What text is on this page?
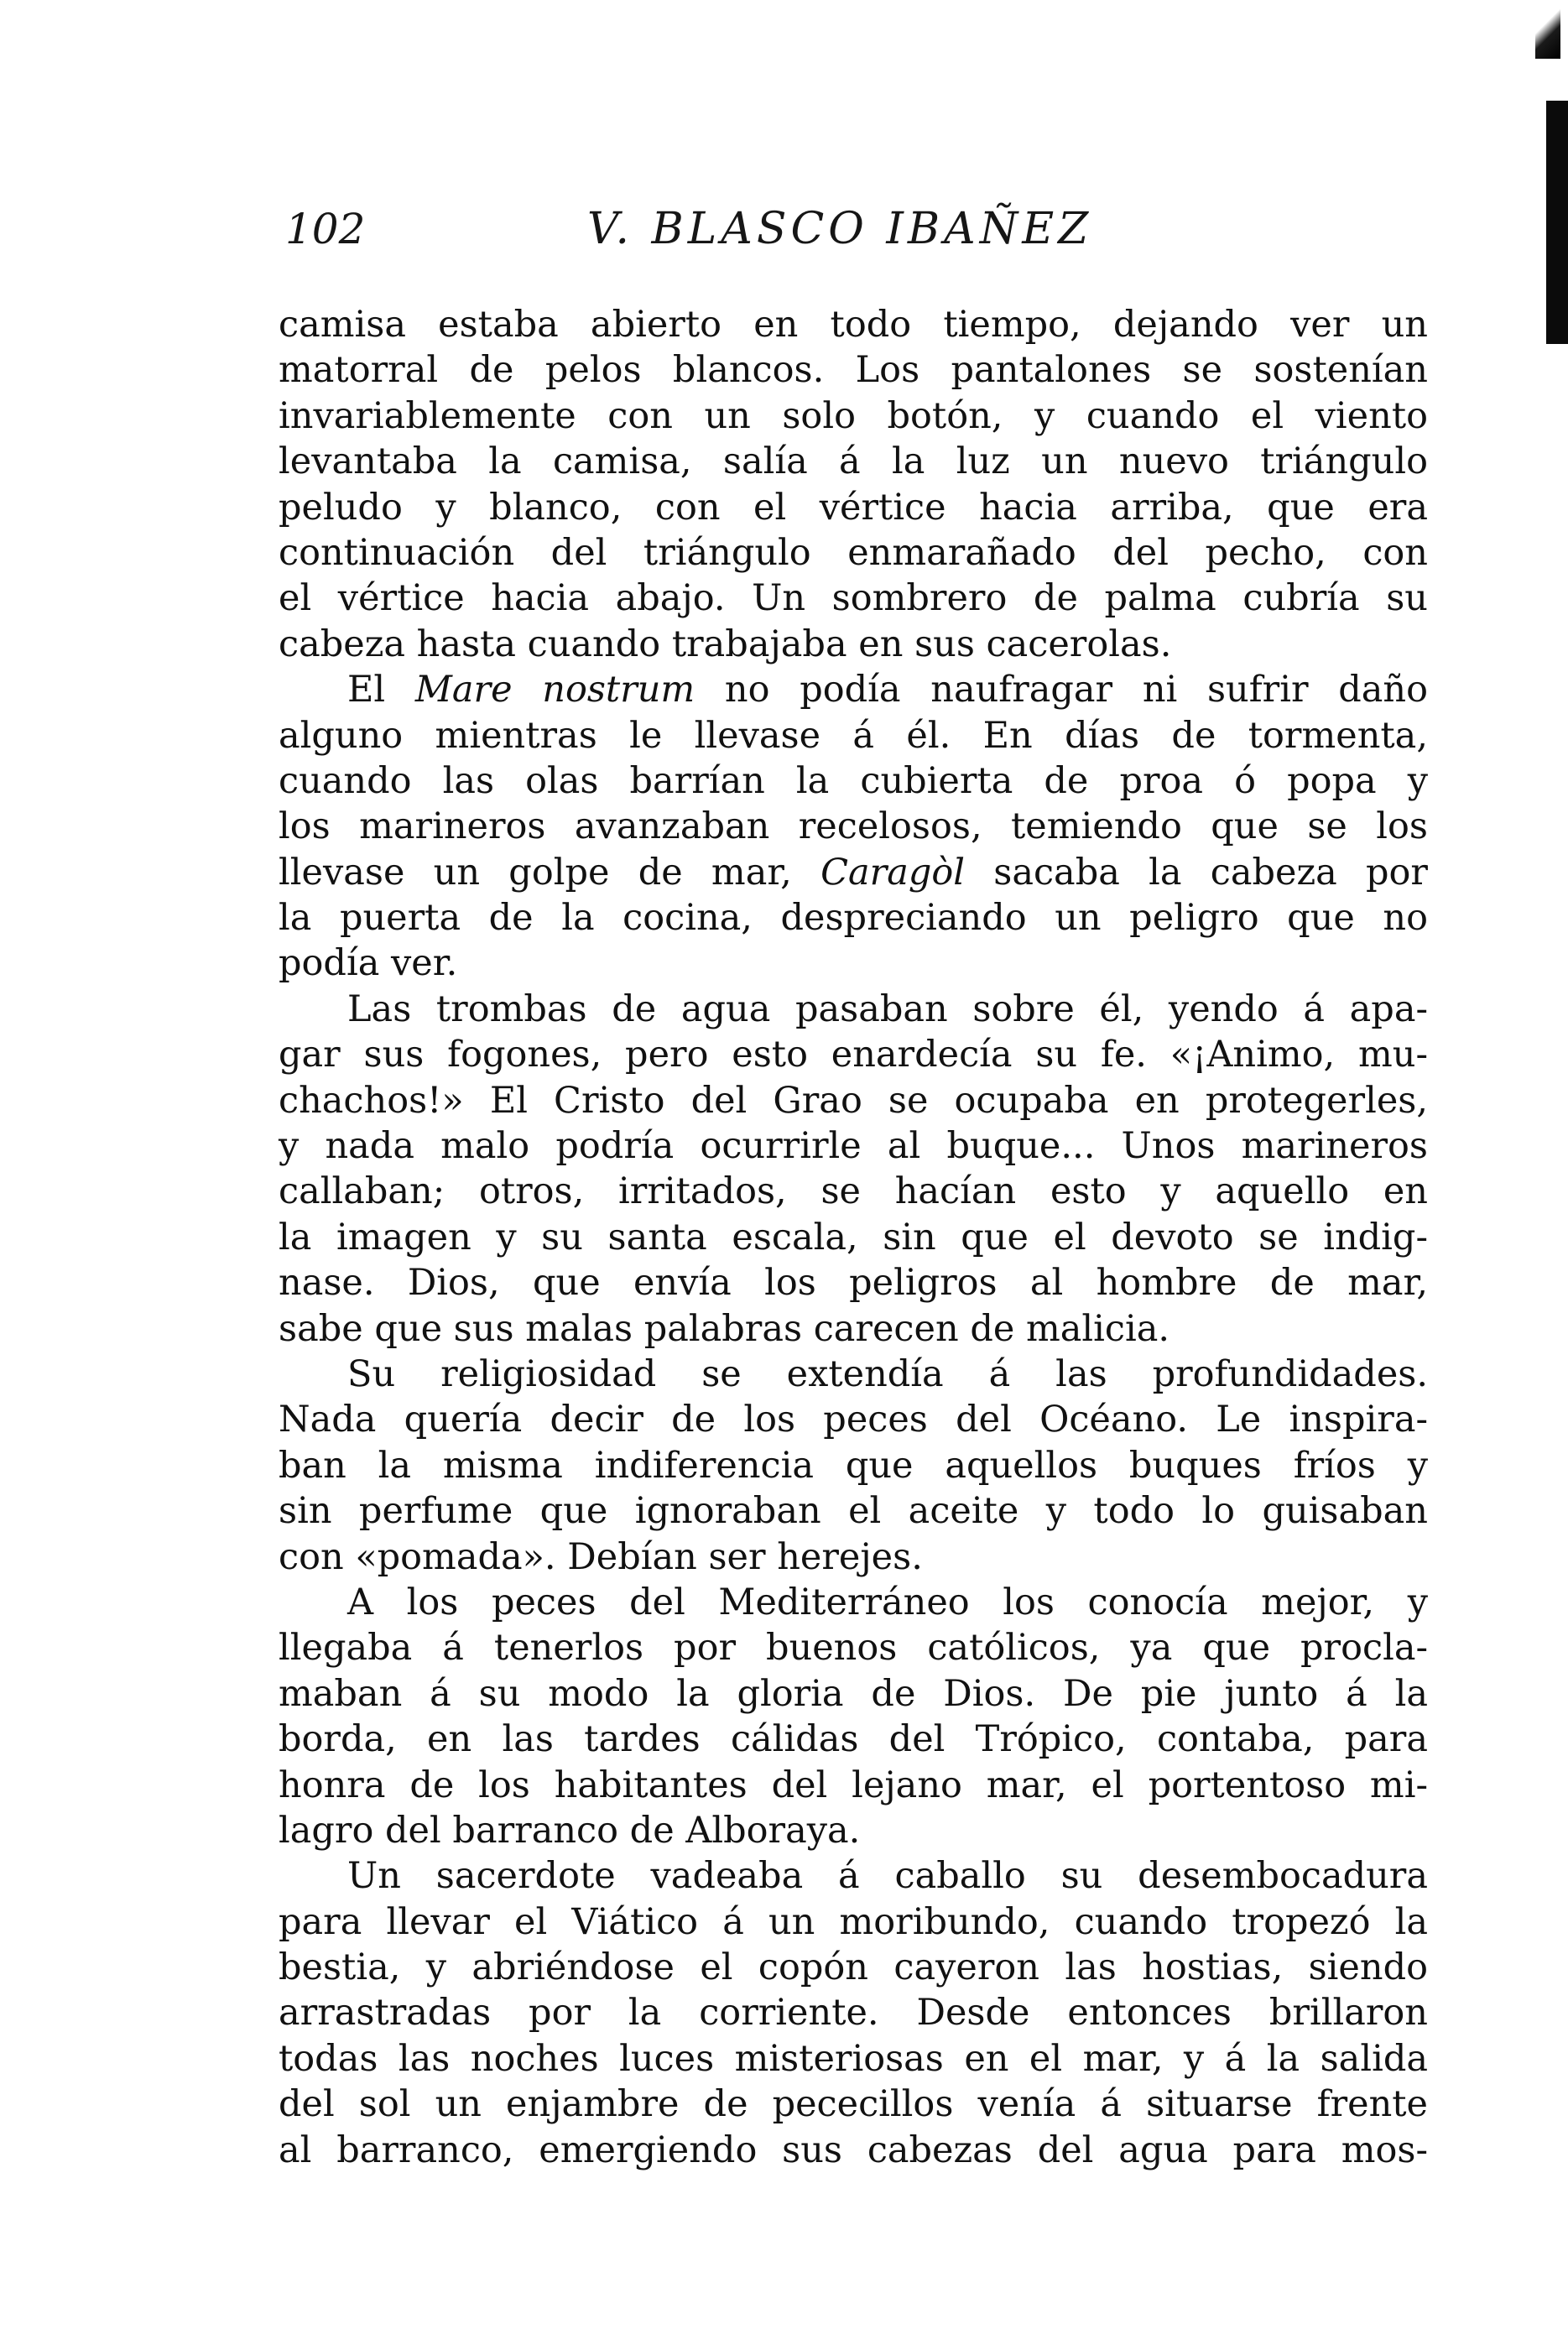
102	V. BLASCO IBAÑEZ
camisa estaba abierto en todo tiempo, dejando ver un
matorral de pelos blancos. Los pantalones se sostenían
invariablemente con un solo botón, y cuando el viento
levantaba la camisa, salía á la luz un nuevo triángulo
peludo y blanco, con el vértice hacia arriba, que era
continuación del triángulo enmarañado del pecho, con
el vértice hacia abajo. Un sombrero de palma cubría su
cabeza hasta cuando trabajaba en sus cacerolas.
El Mare nostrum no podía naufragar ni sufrir daño
alguno mientras le llevase á él. En días de tormenta,
cuando las olas barrían la cubierta de proa ó popa y
los marineros avanzaban recelosos, temiendo que se los
llevase un golpe de mar, Caragòl sacaba la cabeza por
la puerta de la cocina, despreciando un peligro que no
podía ver.
Las trombas de agua pasaban sobre él, yendo á apa-
gar sus fogones, pero esto enardecía su fe. «¡Animo, mu-
chachos!» El Cristo del Grao se ocupaba en protegerles,
y nada malo podría ocurrirle al buque... Unos marineros
callaban; otros, irritados, se hacían esto y aquello en
la imagen y su santa escala, sin que el devoto se indig-
nase. Dios, que envía los peligros al hombre de mar,
sabe que sus malas palabras carecen de malicia.
Su religiosidad se extendía á las profundidades.
Nada quería decir de los peces del Océano. Le inspira-
ban la misma indiferencia que aquellos buques fríos y
sin perfume que ignoraban el aceite y todo lo guisaban
con «pomada». Debían ser herejes.
A los peces del Mediterráneo los conocía mejor, y
llegaba á tenerlos por buenos católicos, ya que procla-
maban á su modo la gloria de Dios. De pie junto á la
borda, en las tardes cálidas del Trópico, contaba, para
honra de los habitantes del lejano mar, el portentoso mi-
lagro del barranco de Alboraya.
Un sacerdote vadeaba á caballo su desembocadura
para llevar el Viático á un moribundo, cuando tropezó la
bestia, y abriéndose el copón cayeron las hostias, siendo
arrastradas por la corriente. Desde entonces brillaron
todas las noches luces misteriosas en el mar, y á la salida
del sol un enjambre de pececillos venía á situarse frente
al barranco, emergiendo sus cabezas del agua para mos-
